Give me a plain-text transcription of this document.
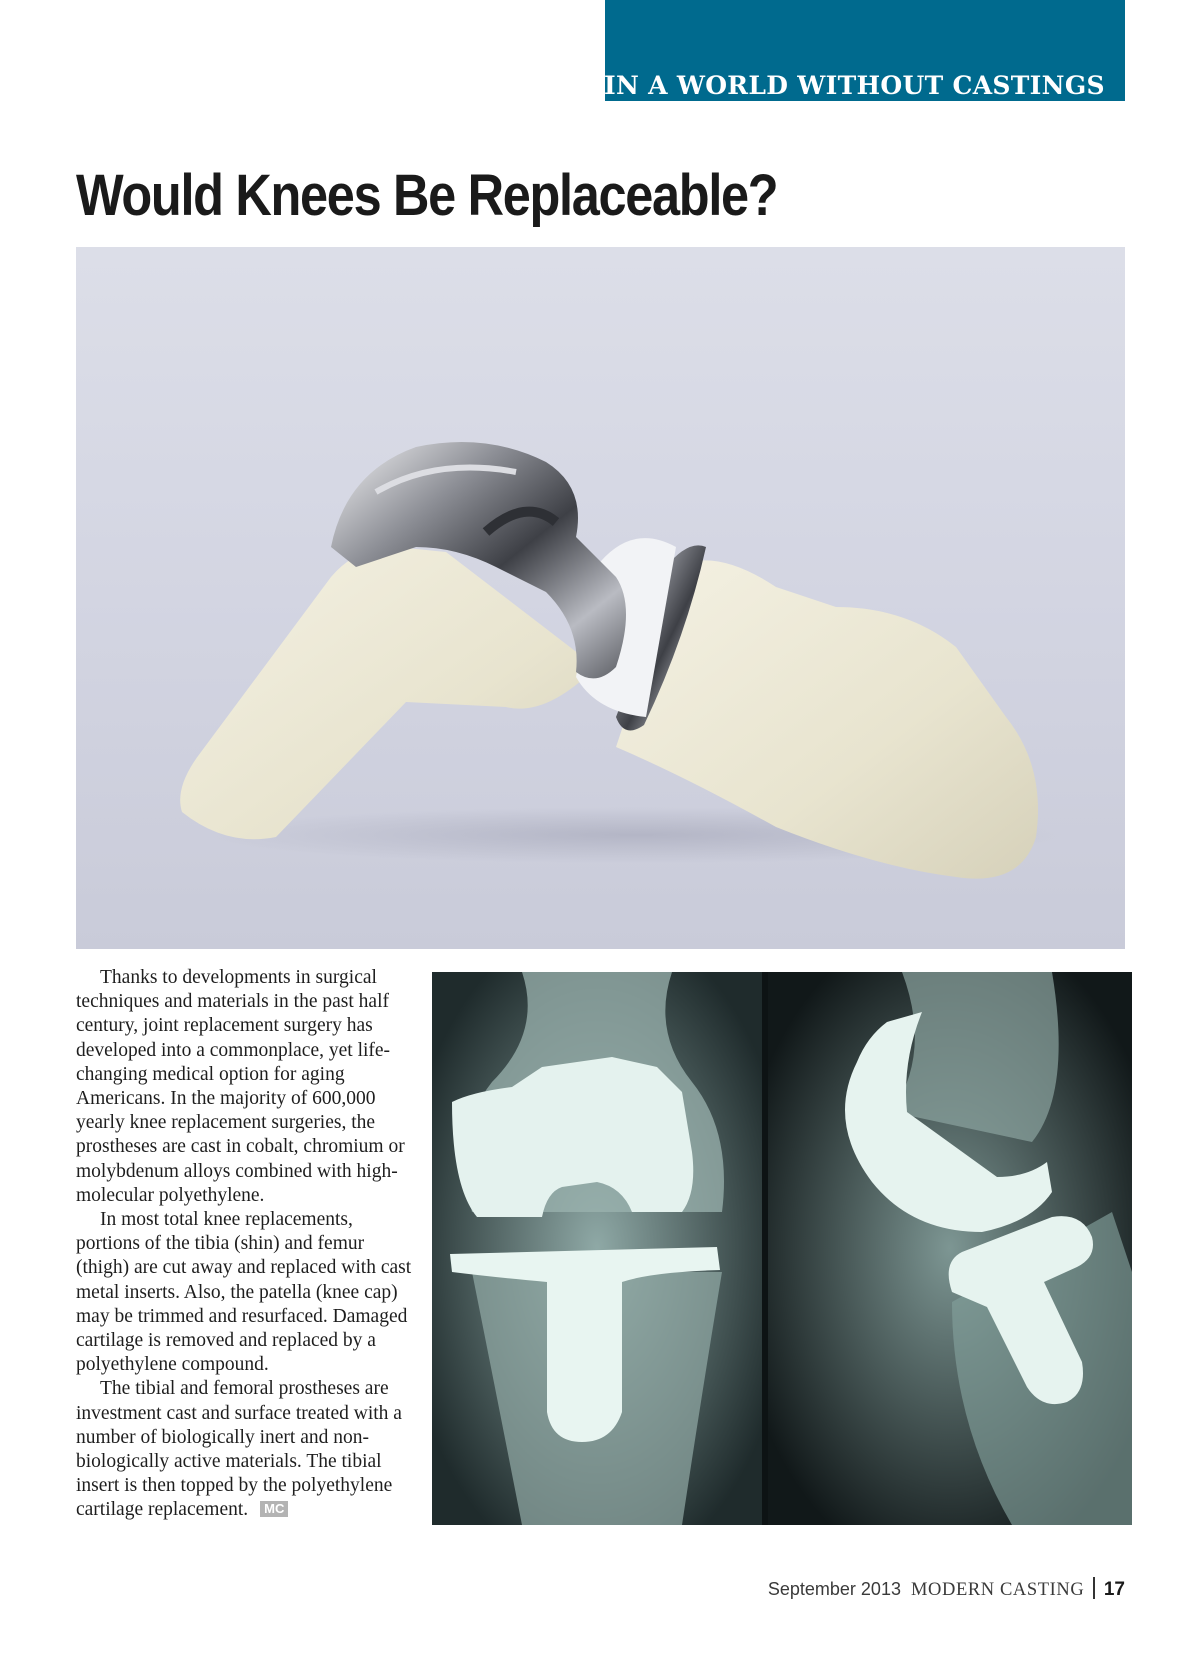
IN A WORLD WITHOUT CASTINGS
Would Knees Be Replaceable?

Thanks to developments in surgical techniques and materials in the past half century, joint replacement surgery has developed into a commonplace, yet life-changing medical option for aging Americans. In the majority of 600,000 yearly knee replacement surgeries, the prostheses are cast in cobalt, chromium or molybdenum alloys combined with high-molecular polyethylene.

In most total knee replacements, portions of the tibia (shin) and femur (thigh) are cut away and replaced with cast metal inserts. Also, the patella (knee cap) may be trimmed and resurfaced. Damaged cartilage is removed and replaced by a polyethylene compound.

The tibial and femoral prostheses are investment cast and surface treated with a number of biologically inert and non-biologically active materials. The tibial insert is then topped by the polyethylene cartilage replacement. MC

September 2013 MODERN CASTING 17
